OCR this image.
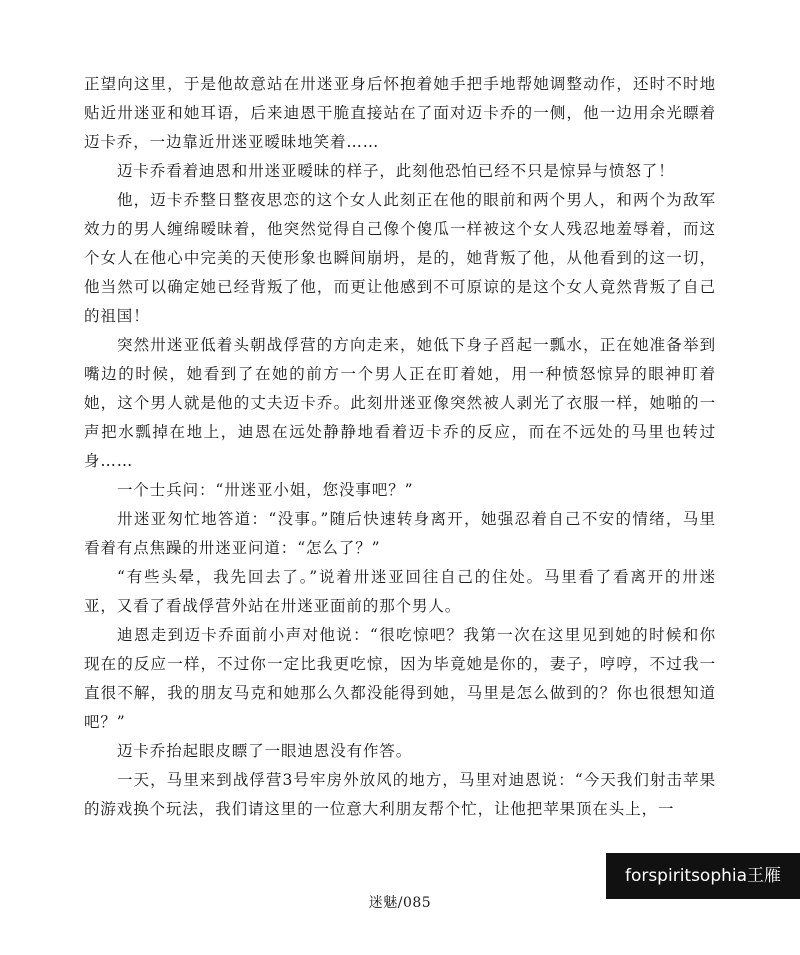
正望向这里，于是他故意站在卅迷亚身后怀抱着她手把手地帮她调整动作，还时不时地贴近卅迷亚和她耳语，后来迪恩干脆直接站在了面对迈卡乔的一侧，他一边用余光瞟着迈卡乔，一边靠近卅迷亚暧昧地笑着……

迈卡乔看着迪恩和卅迷亚暧昧的样子，此刻他恐怕已经不只是惊异与愤怒了！

他，迈卡乔整日整夜思恋的这个女人此刻正在他的眼前和两个男人，和两个为敌军效力的男人缠绵暧昧着，他突然觉得自己像个傻瓜一样被这个女人残忍地羞辱着，而这个女人在他心中完美的天使形象也瞬间崩坍，是的，她背叛了他，从他看到的这一切，他当然可以确定她已经背叛了他，而更让他感到不可原谅的是这个女人竟然背叛了自己的祖国！

突然卅迷亚低着头朝战俘营的方向走来，她低下身子舀起一瓢水，正在她准备举到嘴边的时候，她看到了在她的前方一个男人正在盯着她，用一种愤怒惊异的眼神盯着她，这个男人就是他的丈夫迈卡乔。此刻卅迷亚像突然被人剥光了衣服一样，她啪的一声把水瓢掉在地上，迪恩在远处静静地看着迈卡乔的反应，而在不远处的马里也转过身……

一个士兵问：“卅迷亚小姐，您没事吧？”

卅迷亚匆忙地答道：“没事。”随后快速转身离开，她强忍着自己不安的情绪，马里看着有点焦躁的卅迷亚问道：“怎么了？”

“有些头晕，我先回去了。”说着卅迷亚回往自己的住处。马里看了看离开的卅迷亚，又看了看战俘营外站在卅迷亚面前的那个男人。

迪恩走到迈卡乔面前小声对他说：“很吃惊吧？我第一次在这里见到她的时候和你现在的反应一样，不过你一定比我更吃惊，因为毕竟她是你的，妻子，哼哼，不过我一直很不解，我的朋友马克和她那么久都没能得到她，马里是怎么做到的？你也很想知道吧？”

迈卡乔抬起眼皮瞟了一眼迪恩没有作答。

一天，马里来到战俘营3号牢房外放风的地方，马里对迪恩说：“今天我们射击苹果的游戏换个玩法，我们请这里的一位意大利朋友帮个忙，让他把苹果顶在头上，一

迷魅/085
forspiritsophia王雁
